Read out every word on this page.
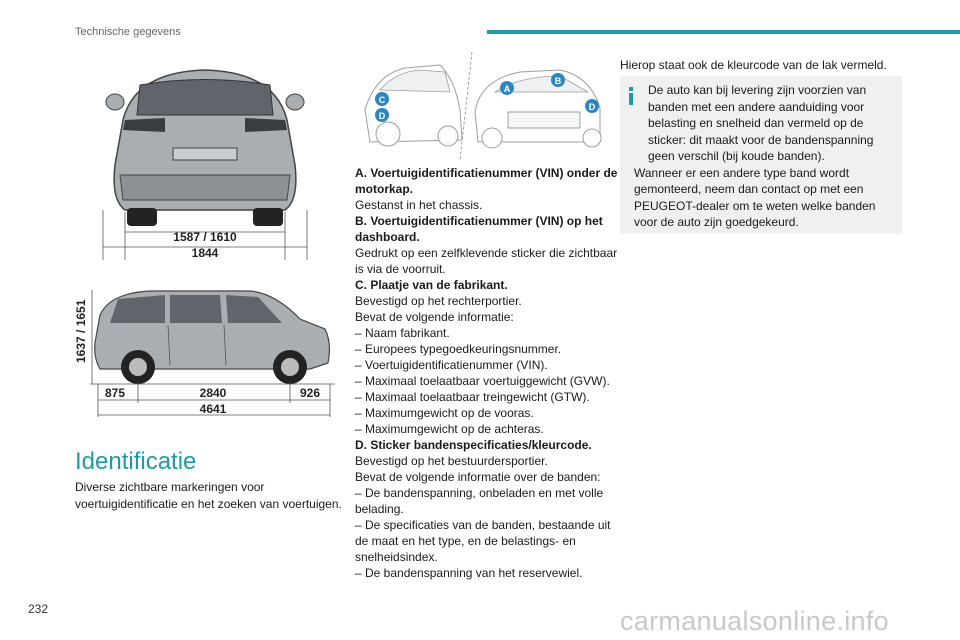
Technische gegevens
1587 / 1610
1844
1637 / 1651
875	2840	926
4641
A
B
C
D
D
Identificatie

Diverse zichtbare markeringen voor voertuigidentificatie en het zoeken van voertuigen.

A. Voertuigidentificatienummer (VIN) onder de motorkap.

Gestanst in het chassis.

B. Voertuigidentificatienummer (VIN) op het dashboard.

Gedrukt op een zelfklevende sticker die zichtbaar is via de voorruit.

C. Plaatje van de fabrikant.

Bevestigd op het rechterportier.

Bevat de volgende informatie:

– Naam fabrikant.

– Europees typegoedkeuringsnummer.

– Voertuigidentificatienummer (VIN).

– Maximaal toelaatbaar voertuiggewicht (GVW).

– Maximaal toelaatbaar treingewicht (GTW).

– Maximumgewicht op de vooras.

– Maximumgewicht op de achteras.

D. Sticker bandenspecificaties/kleurcode.

Bevestigd op het bestuurdersportier.

Bevat de volgende informatie over de banden:

– De bandenspanning, onbeladen en met volle belading.

– De specificaties van de banden, bestaande uit de maat en het type, en de belastings- en snelheidsindex.

– De bandenspanning van het reservewiel.

Hierop staat ook de kleurcode van de lak vermeld.

De auto kan bij levering zijn voorzien van banden met een andere aanduiding voor belasting en snelheid dan vermeld op de sticker: dit maakt voor de bandenspanning geen verschil (bij koude banden).

Wanneer er een andere type band wordt gemonteerd, neem dan contact op met een PEUGEOT-dealer om te weten welke banden voor de auto zijn goedgekeurd.

232	carmanualsonline.info
